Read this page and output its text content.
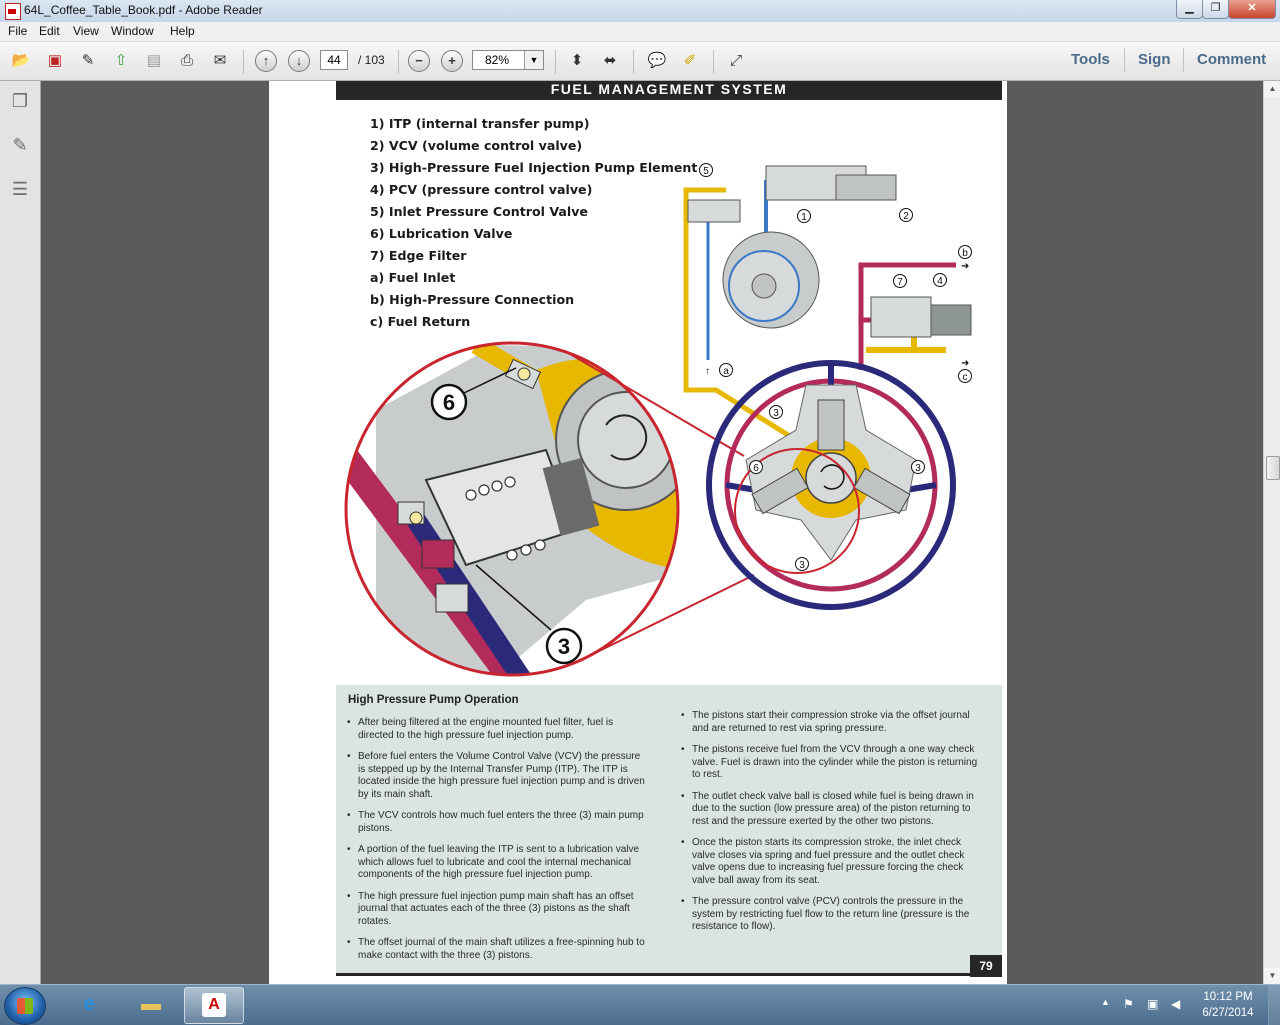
64L_Coffee_Table_Book.pdf - Adobe Reader	▁	❐	✕
File Edit View Window Help
📂	▣	✎	⇧	▤	⎙	✉	↑	↓	−	+	⬍	⬌	💬	✐	⤢
44	/ 103	82%	▼	Tools Sign Comment
❐
✎
☰
FUEL MANAGEMENT SYSTEM
6
3
5
2
1
b
7	4
a
c
3
6	3
3
↑
➜
➜
1) ITP (internal transfer pump)
2) VCV (volume control valve)
3) High-Pressure Fuel Injection Pump Element
4) PCV (pressure control valve)
5) Inlet Pressure Control Valve
6) Lubrication Valve
7) Edge Filter
a) Fuel Inlet
b) High-Pressure Connection
c) Fuel Return
High Pressure Pump Operation
• After being filtered at the engine mounted fuel filter, fuel is directed to the high pressure fuel injection pump.
• Before fuel enters the Volume Control Valve (VCV) the pressure is stepped up by the Internal Transfer Pump (ITP). The ITP is located inside the high pressure fuel injection pump and is driven by its main shaft.
• The VCV controls how much fuel enters the three (3) main pump pistons.
• A portion of the fuel leaving the ITP is sent to a lubrication valve which allows fuel to lubricate and cool the internal mechanical components of the high pressure fuel injection pump.
• The high pressure fuel injection pump main shaft has an offset journal that actuates each of the three (3) pistons as the shaft rotates.
• The offset journal of the main shaft utilizes a free-spinning hub to make contact with the three (3) pistons.
• The pistons start their compression stroke via the offset journal and are returned to rest via spring pressure.
• The pistons receive fuel from the VCV through a one way check valve. Fuel is drawn into the cylinder while the piston is returning to rest.
• The outlet check valve ball is closed while fuel is being drawn in due to the suction (low pressure area) of the piston returning to rest and the pressure exerted by the other two pistons.
• Once the piston starts its compression stroke, the inlet check valve closes via spring and fuel pressure and the outlet check valve opens due to increasing fuel pressure forcing the check valve ball away from its seat.
• The pressure control valve (PCV) controls the pressure in the system by restricting fuel flow to the return line (pressure is the resistance to flow).
79
▲
▼
e	▬	A	▲ ⚑ ▣ ◀	10:12 PM
6/27/2014
